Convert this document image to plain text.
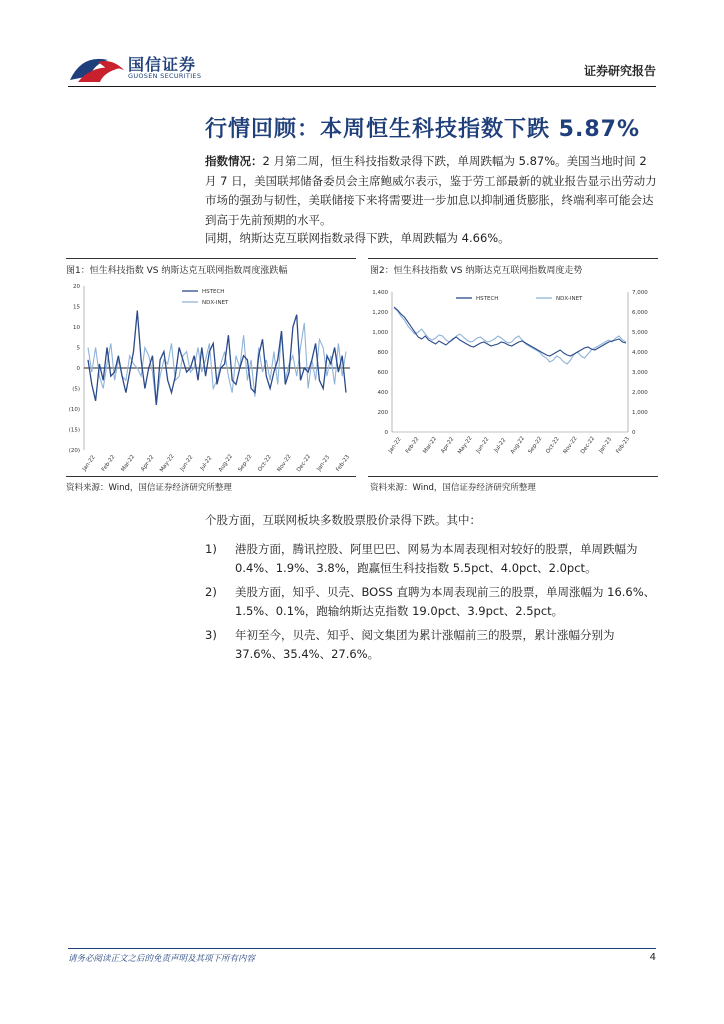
国信证券
GUOSEN SECURITIES	证券研究报告
行情回顾：本周恒生科技指数下跌 5.87%
指数情况：2 月第二周，恒生科技指数录得下跌，单周跌幅为 5.87%。美国当地时间 2 月 7 日，美国联邦储备委员会主席鲍威尔表示，鉴于劳工部最新的就业报告显示出劳动力市场的强劲与韧性，美联储接下来将需要进一步加息以抑制通货膨胀，终端利率可能会达到高于先前预期的水平。
同期，纳斯达克互联网指数录得下跌，单周跌幅为 4.66%。
图1：恒生科技指数 VS 纳斯达克互联网指数周度涨跌幅	图2：恒生科技指数 VS 纳斯达克互联网指数周度走势
20
15
10
5
0
(5)
(10)
(15)
(20)
Jan-22 Feb-22 Mar-22 Apr-22 May-22 Jun-22 Jul-22 Aug-22 Sep-22 Oct-22 Nov-22 Dec-22 Jan-23 Feb-23
HSTECH
NDX-INET
1,400
1,200
1,000
800
600
400
200
0
7,000
6,000
5,000
4,000
3,000
2,000
1,000
0
Jan-22 Feb-22 Mar-22 Apr-22 May-22 Jun-22 Jul-22 Aug-22 Sep-22 Oct-22 Nov-22 Dec-22 Jan-23 Feb-23
HSTECH	NDX-INET
资料来源：Wind，国信证券经济研究所整理	资料来源：Wind，国信证券经济研究所整理
个股方面，互联网板块多数股票股价录得下跌。其中：
1) 港股方面，腾讯控股、阿里巴巴、网易为本周表现相对较好的股票，单周跌幅为 0.4%、1.9%、3.8%，跑赢恒生科技指数 5.5pct、4.0pct、2.0pct。
2) 美股方面，知乎、贝壳、BOSS 直聘为本周表现前三的股票，单周涨幅为 16.6%、1.5%、0.1%，跑输纳斯达克指数 19.0pct、3.9pct、2.5pct。
3) 年初至今，贝壳、知乎、阅文集团为累计涨幅前三的股票，累计涨幅分别为 37.6%、35.4%、27.6%。
请务必阅读正文之后的免责声明及其项下所有内容	4
